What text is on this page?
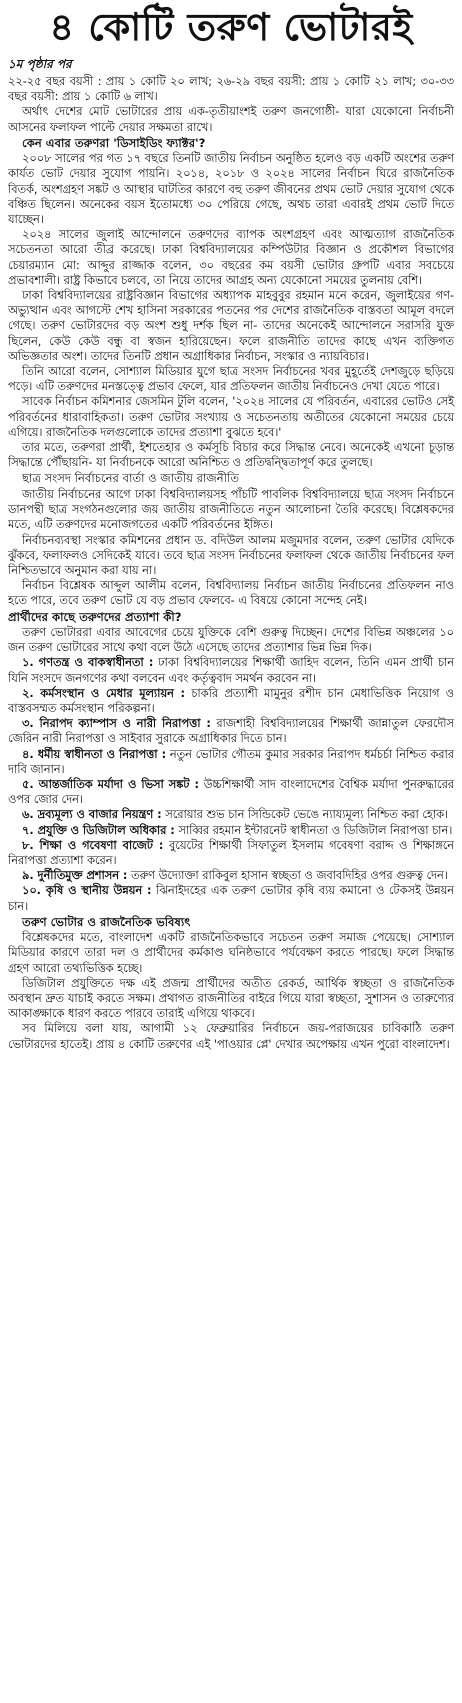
৪ কোটি তরুণ ভোটারই
১ম পৃষ্ঠার পর

২২-২৫ বছর বয়সী : প্রায় ১ কোটি ২০ লাখ; ২৬-২৯ বছর বয়সী: প্রায় ১ কোটি ২১ লাখ; ৩০-৩৩ বছর বয়সী: প্রায় ১ কোটি ৬ লাখ।

অর্থাৎ দেশের মোট ভোটারের প্রায় এক-তৃতীয়াংশই তরুণ জনগোষ্ঠী- যারা যেকোনো নির্বাচনী আসনের ফলাফল পাল্টে দেয়ার সক্ষমতা রাখে।

কেন এবার তরুণরা 'ডিসাইডিং ফ্যাক্টর'?

২০০৮ সালের পর গত ১৭ বছরে তিনটি জাতীয় নির্বাচন অনুষ্ঠিত হলেও বড় একটি অংশের তরুণ কার্যত ভোট দেয়ার সুযোগ পায়নি। ২০১৪, ২০১৮ ও ২০২৪ সালের নির্বাচন ঘিরে রাজনৈতিক বিতর্ক, অংশগ্রহণ সঙ্কট ও আস্থার ঘাটতির কারণে বহু তরুণ জীবনের প্রথম ভোট দেয়ার সুযোগ থেকে বঞ্চিত ছিলেন। অনেকের বয়স ইতোমধ্যে ৩০ পেরিয়ে গেছে, অথচ তারা এবারই প্রথম ভোট দিতে যাচ্ছেন।

২০২৪ সালের জুলাই আন্দোলনে তরুণদের ব্যাপক অংশগ্রহণ এবং আত্মত্যাগ রাজনৈতিক সচেতনতা আরো তীব্র করেছে। ঢাকা বিশ্ববিদ্যালয়ের কম্পিউটার বিজ্ঞান ও প্রকৌশল বিভাগের চেয়ারম্যান মো: আব্দুর রাজ্জাক বলেন, ৩০ বছরের কম বয়সী ভোটার গ্রুপটি এবার সবচেয়ে প্রভাবশালী। রাষ্ট্র কিভাবে চলবে, তা নিয়ে তাদের আগ্রহ অন্য যেকোনো সময়ের তুলনায় বেশি।

ঢাকা বিশ্ববিদ্যালয়ের রাষ্ট্রবিজ্ঞান বিভাগের অধ্যাপক মাহবুবুর রহমান মনে করেন, জুলাইয়ের গণ-অভ্যুত্থান এবং আগস্টে শেখ হাসিনা সরকারের পতনের পর দেশের রাজনৈতিক বাস্তবতা আমূল বদলে গেছে। তরুণ ভোটারদের বড় অংশ শুধু দর্শক ছিল না- তাদের অনেকেই আন্দোলনে সরাসরি যুক্ত ছিলেন, কেউ কেউ বন্ধু বা স্বজন হারিয়েছেন। ফলে রাজনীতি তাদের কাছে এখন ব্যক্তিগত অভিজ্ঞতার অংশ। তাদের তিনটি প্রধান অগ্রাধিকার নির্বাচন, সংস্কার ও ন্যায়বিচার।

তিনি আরো বলেন, সোশ্যাল মিডিয়ার যুগে ছাত্র সংসদ নির্বাচনের খবর মুহূর্তেই দেশজুড়ে ছড়িয়ে পড়ে। এটি তরুণদের মনস্তত্ত্বে প্রভাব ফেলে, যার প্রতিফলন জাতীয় নির্বাচনেও দেখা যেতে পারে।

সাবেক নির্বাচন কমিশনার জেসমিন টুলি বলেন, '২০২৪ সালের যে পরিবর্তন, এবারের ভোটও সেই পরিবর্তনের ধারাবাহিকতা। তরুণ ভোটার সংখ্যায় ও সচেতনতায় অতীতের যেকোনো সময়ের চেয়ে এগিয়ে। রাজনৈতিক দলগুলোকে তাদের প্রত্যাশা বুঝতে হবে।'

তার মতে, তরুণরা প্রার্থী, ইশতেহার ও কর্মসূচি বিচার করে সিদ্ধান্ত নেবে। অনেকেই এখনো চূড়ান্ত সিদ্ধান্তে পৌঁছায়নি- যা নির্বাচনকে আরো অনিশ্চিত ও প্রতিদ্বন্দ্বিতাপূর্ণ করে তুলছে।

ছাত্র সংসদ নির্বাচনের বার্তা ও জাতীয় রাজনীতি

জাতীয় নির্বাচনের আগে ঢাকা বিশ্ববিদ্যালয়সহ পাঁচটি পাবলিক বিশ্ববিদ্যালয়ে ছাত্র সংসদ নির্বাচনে ডানপন্থী ছাত্র সংগঠনগুলোর জয় জাতীয় রাজনীতিতে নতুন আলোচনা তৈরি করেছে। বিশ্লেষকদের মতে, এটি তরুণদের মনোজগতের একটি পরিবর্তনের ইঙ্গিত।

নির্বাচনব্যবস্থা সংস্কার কমিশনের প্রধান ড. বদিউল আলম মজুমদার বলেন, তরুণ ভোটার যেদিকে ঝুঁকবে, ফলাফলও সেদিকেই যাবে। তবে ছাত্র সংসদ নির্বাচনের ফলাফল থেকে জাতীয় নির্বাচনের ফল নিশ্চিতভাবে অনুমান করা যায় না।

নির্বাচন বিশ্লেষক আব্দুল আলীম বলেন, বিশ্ববিদ্যালয় নির্বাচন জাতীয় নির্বাচনের প্রতিফলন নাও হতে পারে, তবে তরুণ ভোট যে বড় প্রভাব ফেলবে- এ বিষয়ে কোনো সন্দেহ নেই।

প্রার্থীদের কাছে তরুণদের প্রত্যাশা কী?

তরুণ ভোটাররা এবার আবেগের চেয়ে যুক্তিকে বেশি গুরুত্ব দিচ্ছেন। দেশের বিভিন্ন অঞ্চলের ১০ জন তরুণ ভোটারের সাথে কথা বলে উঠে এসেছে তাদের প্রত্যাশার ভিন্ন ভিন্ন দিক।

১. গণতন্ত্র ও বাকস্বাধীনতা : ঢাকা বিশ্ববিদ্যালয়ের শিক্ষার্থী জাহিদ বলেন, তিনি এমন প্রার্থী চান যিনি সংসদে জনগণের কথা বলবেন এবং কর্তৃত্ববাদ সমর্থন করবেন না।

২. কর্মসংস্থান ও মেধার মূল্যায়ন : চাকরি প্রত্যাশী মামুনুর রশীদ চান মেধাভিত্তিক নিয়োগ ও বাস্তবসম্মত কর্মসংস্থান পরিকল্পনা।

৩. নিরাপদ ক্যাম্পাস ও নারী নিরাপত্তা : রাজশাহী বিশ্ববিদ্যালয়ের শিক্ষার্থী জান্নাতুল ফেরদৌস জেরিন নারী নিরাপত্তা ও সাইবার সুরাকে অগ্রাধিকার দিতে চান।

৪. ধর্মীয় স্বাধীনতা ও নিরাপত্তা : নতুন ভোটার গৌতম কুমার সরকার নিরাপদ ধর্মচর্চা নিশ্চিত করার দাবি জানান।

৫. আন্তর্জাতিক মর্যাদা ও ভিসা সঙ্কট : উচ্চশিক্ষার্থী সাদ বাংলাদেশের বৈশ্বিক মর্যাদা পুনরুদ্ধারের ওপর জোর দেন।

৬. দ্রব্যমূল্য ও বাজার নিয়ন্ত্রণ : সরোয়ার শুভ চান সিন্ডিকেট ভেঙে ন্যায্যমূল্য নিশ্চিত করা হোক।

৭. প্রযুক্তি ও ডিজিটাল অধিকার : সাব্বির রহমান ইন্টারনেট স্বাধীনতা ও ডিজিটাল নিরাপত্তা চান।

৮. শিক্ষা ও গবেষণা বাজেট : বুয়েটের শিক্ষার্থী সিফাতুল ইসলাম গবেষণা বরাদ্দ ও শিক্ষাঙ্গনে নিরাপত্তা প্রত্যাশা করেন।

৯. দুর্নীতিমুক্ত প্রশাসন : তরুণ উদ্যোক্তা রাকিবুল হাসান স্বচ্ছতা ও জবাবদিহির ওপর গুরুত্ব দেন।

১০. কৃষি ও স্থানীয় উন্নয়ন : ঝিনাইদহের এক তরুণ ভোটার কৃষি ব্যয় কমানো ও টেকসই উন্নয়ন চান।

তরুণ ভোটার ও রাজনৈতিক ভবিষ্যৎ

বিশ্লেষকদের মতে, বাংলাদেশ একটি রাজনৈতিকভাবে সচেতন তরুণ সমাজ পেয়েছে। সোশ্যাল মিডিয়ার কারণে তারা দল ও প্রার্থীদের কর্মকাণ্ড ঘনিষ্ঠভাবে পর্যবেক্ষণ করতে পারছে। ফলে সিদ্ধান্ত গ্রহণ আরো তথ্যভিত্তিক হচ্ছে।

ডিজিটাল প্রযুক্তিতে দক্ষ এই প্রজন্ম প্রার্থীদের অতীত রেকর্ড, আর্থিক স্বচ্ছতা ও রাজনৈতিক অবস্থান দ্রুত যাচাই করতে সক্ষম। প্রথাগত রাজনীতির বাইরে গিয়ে যারা স্বচ্ছতা, সুশাসন ও তারুণ্যের আকাঙ্ক্ষাকে ধারণ করতে পারবে তারাই এগিয়ে থাকবে।

সব মিলিয়ে বলা যায়, আগামী ১২ ফেব্রুয়ারির নির্বাচনে জয়-পরাজয়ের চাবিকাঠি তরুণ ভোটারদের হাতেই। প্রায় ৪ কোটি তরুণের এই 'পাওয়ার প্লে' দেখার অপেক্ষায় এখন পুরো বাংলাদেশ।
